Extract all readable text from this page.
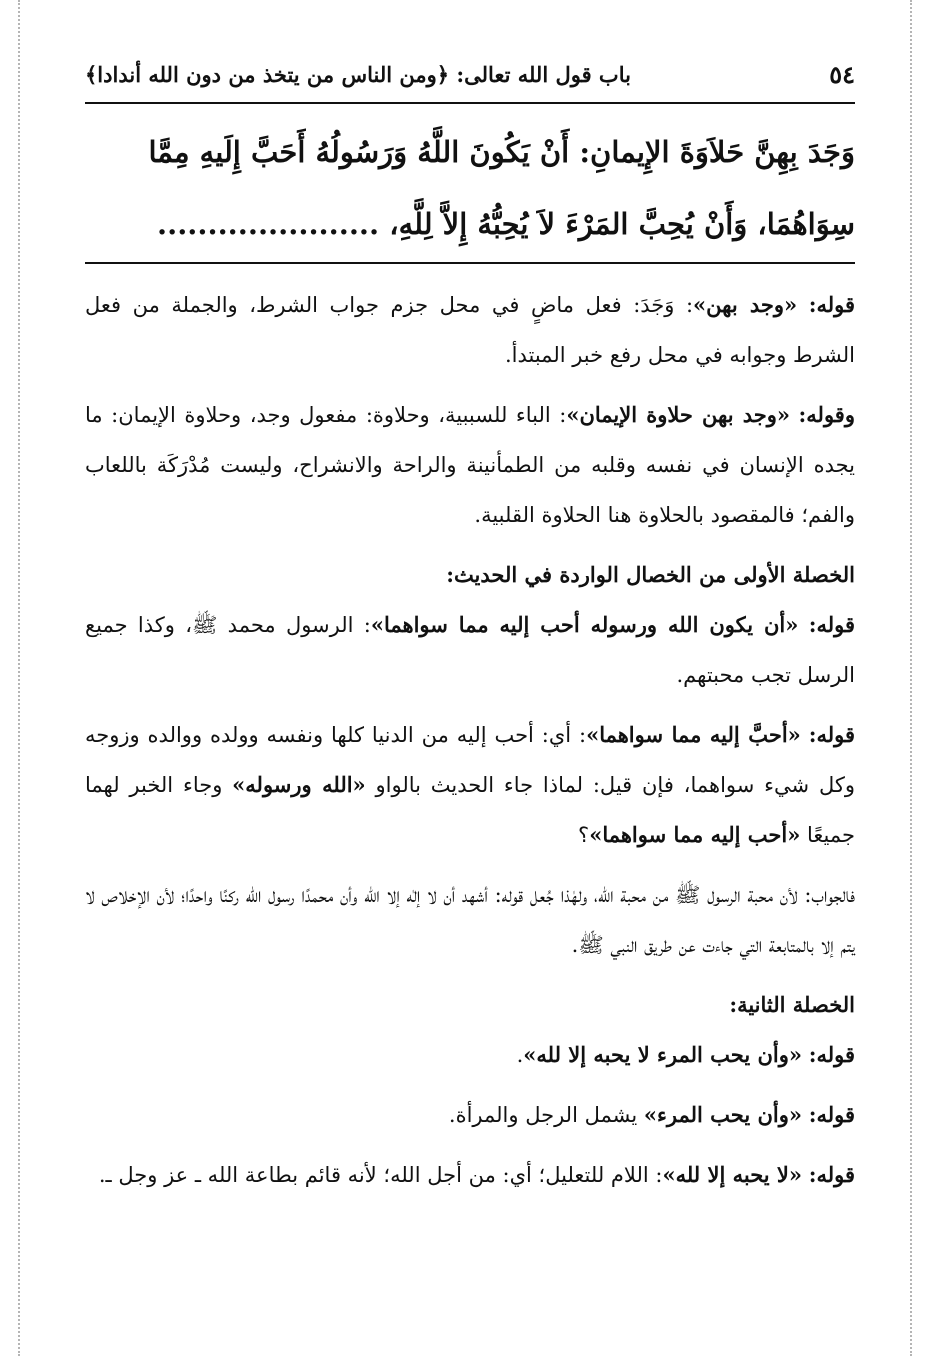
٥٤
باب قول الله تعالى: ﴿ومن الناس من يتخذ من دون الله أندادا﴾
وَجَدَ بِهِنَّ حَلاَوَةَ الإِيمانِ: أَنْ يَكُونَ اللَّهُ وَرَسُولُهُ أَحَبَّ إِلَيهِ مِمَّا
سِوَاهُمَا، وَأَنْ يُحِبَّ المَرْءَ لاَ يُحِبُّهُ إِلاَّ لِلَّهِ، ......................

قوله: «وجد بهن»: وَجَدَ: فعل ماضٍ في محل جزم جواب الشرط، والجملة من فعل الشرط وجوابه في محل رفع خبر المبتدأ.

وقوله: «وجد بهن حلاوة الإيمان»: الباء للسببية، وحلاوة: مفعول وجد، وحلاوة الإيمان: ما يجده الإنسان في نفسه وقلبه من الطمأنينة والراحة والانشراح، وليست مُدْرَكَة باللعاب والفم؛ فالمقصود بالحلاوة هنا الحلاوة القلبية.

الخصلة الأولى من الخصال الواردة في الحديث:

قوله: «أن يكون الله ورسوله أحب إليه مما سواهما»: الرسول محمد ﷺ، وكذا جميع الرسل تجب محبتهم.

قوله: «أحبَّ إليه مما سواهما»: أي: أحب إليه من الدنيا كلها ونفسه وولده ووالده وزوجه وكل شيء سواهما، فإن قيل: لماذا جاء الحديث بالواو «الله ورسوله» وجاء الخبر لهما جميعًا «أحب إليه مما سواهما»؟

فالجواب: لأن محبة الرسول ﷺ من محبة الله، ولهٰذا جُعل قوله: أشهد أن لا إلٰه إلا الله وأن محمدًا رسول الله ركنًا واحدًا؛ لأن الإخلاص لا يتم إلا بالمتابعة التي جاءت عن طريق النبي ﷺ.

الخصلة الثانية:

قوله: «وأن يحب المرء لا يحبه إلا لله».

قوله: «وأن يحب المرء» يشمل الرجل والمرأة.

قوله: «لا يحبه إلا لله»: اللام للتعليل؛ أي: من أجل الله؛ لأنه قائم بطاعة الله ـ عز وجل ـ.
